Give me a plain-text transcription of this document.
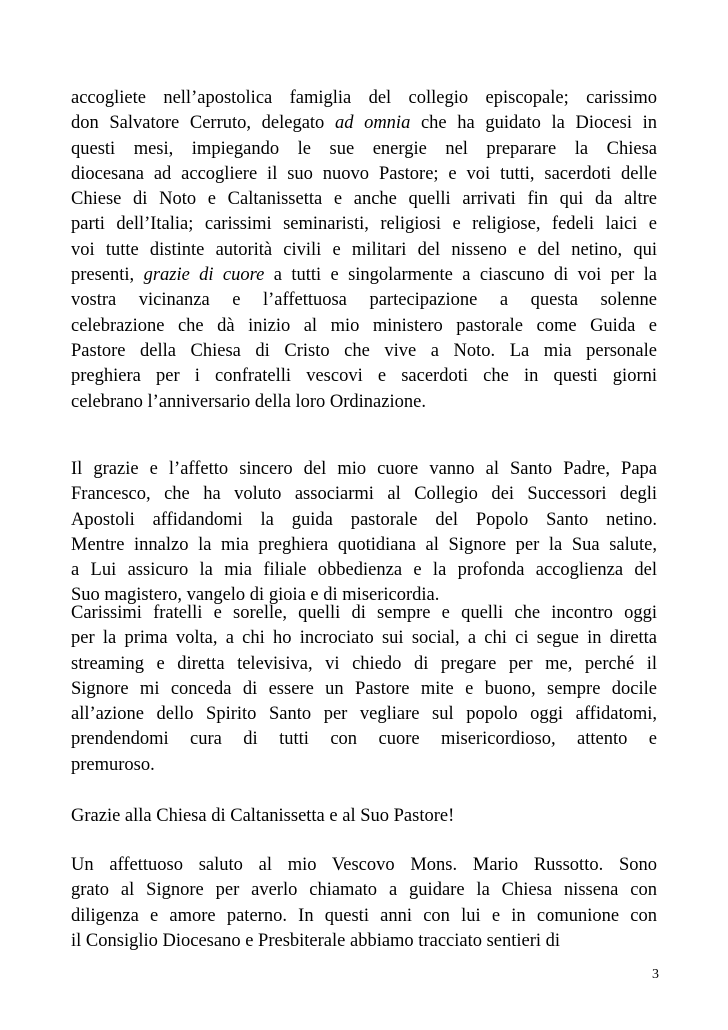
accogliete nell’apostolica famiglia del collegio episcopale; carissimo
don Salvatore Cerruto, delegato ad omnia che ha guidato la Diocesi in
questi mesi, impiegando le sue energie nel preparare la Chiesa
diocesana ad accogliere il suo nuovo Pastore; e voi tutti, sacerdoti delle
Chiese di Noto e Caltanissetta e anche quelli arrivati fin qui da altre
parti dell’Italia; carissimi seminaristi, religiosi e religiose, fedeli laici e
voi tutte distinte autorità civili e militari del nisseno e del netino, qui
presenti, grazie di cuore a tutti e singolarmente a ciascuno di voi per la
vostra vicinanza e l’affettuosa partecipazione a questa solenne
celebrazione che dà inizio al mio ministero pastorale come Guida e
Pastore della Chiesa di Cristo che vive a Noto. La mia personale
preghiera per i confratelli vescovi e sacerdoti che in questi giorni
celebrano l’anniversario della loro Ordinazione.
Il grazie e l’affetto sincero del mio cuore vanno al Santo Padre, Papa
Francesco, che ha voluto associarmi al Collegio dei Successori degli
Apostoli affidandomi la guida pastorale del Popolo Santo netino.
Mentre innalzo la mia preghiera quotidiana al Signore per la Sua salute,
a Lui assicuro la mia filiale obbedienza e la profonda accoglienza del
Suo magistero, vangelo di gioia e di misericordia.
Carissimi fratelli e sorelle, quelli di sempre e quelli che incontro oggi
per la prima volta, a chi ho incrociato sui social, a chi ci segue in diretta
streaming e diretta televisiva, vi chiedo di pregare per me, perché il
Signore mi conceda di essere un Pastore mite e buono, sempre docile
all’azione dello Spirito Santo per vegliare sul popolo oggi affidatomi,
prendendomi cura di tutti con cuore misericordioso, attento e
premuroso.
Grazie alla Chiesa di Caltanissetta e al Suo Pastore!
Un affettuoso saluto al mio Vescovo Mons. Mario Russotto. Sono
grato al Signore per averlo chiamato a guidare la Chiesa nissena con
diligenza e amore paterno. In questi anni con lui e in comunione con
il Consiglio Diocesano e Presbiterale abbiamo tracciato sentieri di
3
